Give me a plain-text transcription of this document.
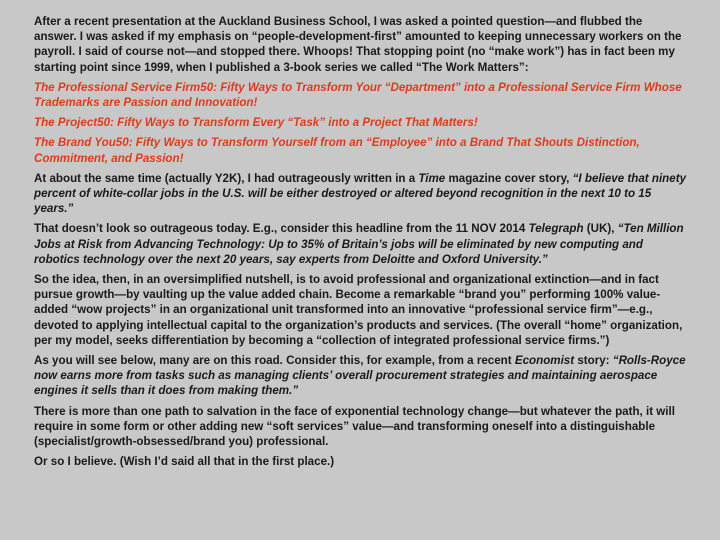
After a recent presentation at the Auckland Business School, I was asked a pointed question—and flubbed the answer. I was asked if my emphasis on “people-development-first” amounted to keeping unnecessary workers on the payroll. I said of course not—and stopped there. Whoops! That stopping point (no “make work”) has in fact been my starting point since 1999, when I published a 3-book series we called “The Work Matters”:

The Professional Service Firm50: Fifty Ways to Transform Your “Department” into a Professional Service Firm Whose Trademarks are Passion and Innovation!

The Project50: Fifty Ways to Transform Every “Task” into a Project That Matters!

The Brand You50: Fifty Ways to Transform Yourself from an “Employee” into a Brand That Shouts Distinction, Commitment, and Passion!

At about the same time (actually Y2K), I had outrageously written in a Time magazine cover story, “I believe that ninety percent of white-collar jobs in the U.S. will be either destroyed or altered beyond recognition in the next 10 to 15 years.”

That doesn’t look so outrageous today. E.g., consider this headline from the 11 NOV 2014 Telegraph (UK), “Ten Million Jobs at Risk from Advancing Technology: Up to 35% of Britain’s jobs will be eliminated by new computing and robotics technology over the next 20 years, say experts from Deloitte and Oxford University.”

So the idea, then, in an oversimplified nutshell, is to avoid professional and organizational extinction—and in fact pursue growth—by vaulting up the value added chain. Become a remarkable “brand you” performing 100% value-added “wow projects” in an organizational unit transformed into an innovative “professional service firm”—e.g., devoted to applying intellectual capital to the organization’s products and services. (The overall “home” organization, per my model, seeks differentiation by becoming a “collection of integrated professional service firms.”)

As you will see below, many are on this road. Consider this, for example, from a recent Economist story: “Rolls-Royce now earns more from tasks such as managing clients’ overall procurement strategies and maintaining aerospace engines it sells than it does from making them.”

There is more than one path to salvation in the face of exponential technology change—but whatever the path, it will require in some form or other adding new “soft services” value—and transforming oneself into a distinguishable (specialist/growth-obsessed/brand you) professional.

Or so I believe. (Wish I’d said all that in the first place.)
